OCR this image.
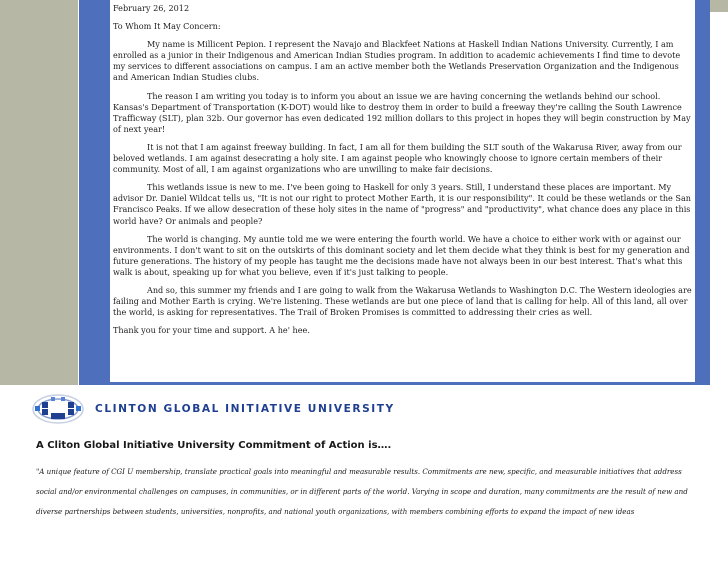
February 26, 2012

To Whom It May Concern:

My name is Millicent Pepion. I represent the Navajo and Blackfeet Nations at Haskell Indian Nations University. Currently, I am enrolled as a junior in their Indigenous and American Indian Studies program. In addition to academic achievements I find time to devote my services to different associations on campus. I am an active member both the Wetlands Preservation Organization and the Indigenous and American Indian Studies clubs.

The reason I am writing you today is to inform you about an issue we are having concerning the wetlands behind our school. Kansas's Department of Transportation (K-DOT) would like to destroy them in order to build a freeway they're calling the South Lawrence Trafficway (SLT), plan 32b. Our governor has even dedicated 192 million dollars to this project in hopes they will begin construction by May of next year!

It is not that I am against freeway building. In fact, I am all for them building the SLT south of the Wakarusa River, away from our beloved wetlands. I am against desecrating a holy site. I am against people who knowingly choose to ignore certain members of their community. Most of all, I am against organizations who are unwilling to make fair decisions.

This wetlands issue is new to me. I've been going to Haskell for only 3 years. Still, I understand these places are important. My advisor Dr. Daniel Wildcat tells us, "It is not our right to protect Mother Earth, it is our responsibility". It could be these wetlands or the San Francisco Peaks. If we allow desecration of these holy sites in the name of "progress" and "productivity", what chance does any place in this world have? Or animals and people?

The world is changing. My auntie told me we were entering the fourth world. We have a choice to either work with or against our environments. I don't want to sit on the outskirts of this dominant society and let them decide what they think is best for my generation and future generations. The history of my people has taught me the decisions made have not always been in our best interest. That's what this walk is about, speaking up for what you believe, even if it's just talking to people.

And so, this summer my friends and I are going to walk from the Wakarusa Wetlands to Washington D.C. The Western ideologies are failing and Mother Earth is crying. We're listening. These wetlands are but one piece of land that is calling for help. All of this land, all over the world, is asking for representatives. The Trail of Broken Promises is committed to addressing their cries as well.

Thank you for your time and support. A he' hee.

CLINTON GLOBAL INITIATIVE UNIVERSITY
A Cliton Global Initiative University Commitment of Action is….
"A unique feature of CGI U membership, translate practical goals into meaningful and measurable results. Commitments are new, specific, and measurable initiatives that address social and/or environmental challenges on campuses, in communities, or in different parts of the world. Varying in scope and duration, many commitments are the result of new and diverse partnerships between students, universities, nonprofits, and national youth organizations, with members combining efforts to expand the impact of new ideas
